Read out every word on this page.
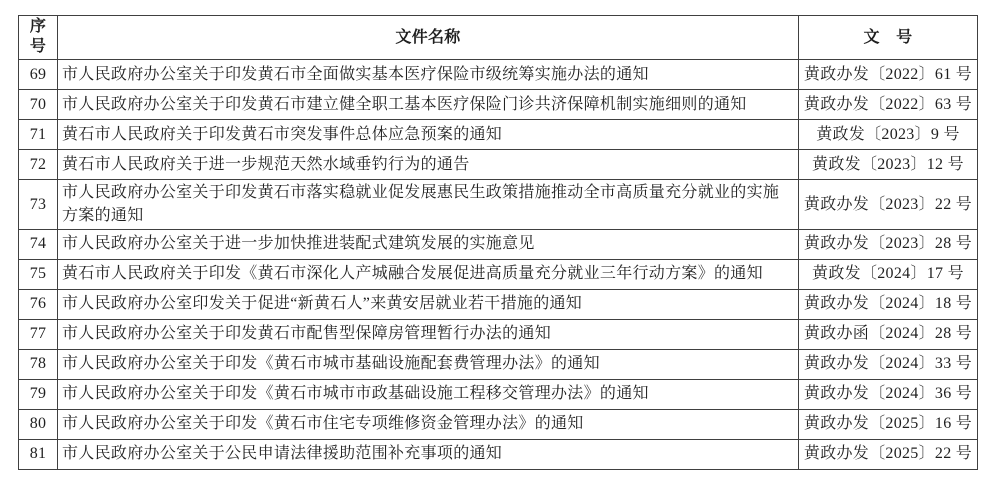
序号	文件名称	文　号
69	市人民政府办公室关于印发黄石市全面做实基本医疗保险市级统筹实施办法的通知	黄政办发〔2022〕61 号
70	市人民政府办公室关于印发黄石市建立健全职工基本医疗保险门诊共济保障机制实施细则的通知	黄政办发〔2022〕63 号
71	黄石市人民政府关于印发黄石市突发事件总体应急预案的通知	黄政发〔2023〕9 号
72	黄石市人民政府关于进一步规范天然水域垂钓行为的通告	黄政发〔2023〕12 号
73	市人民政府办公室关于印发黄石市落实稳就业促发展惠民生政策措施推动全市高质量充分就业的实施方案的通知	黄政办发〔2023〕22 号
74	市人民政府办公室关于进一步加快推进装配式建筑发展的实施意见	黄政办发〔2023〕28 号
75	黄石市人民政府关于印发《黄石市深化人产城融合发展促进高质量充分就业三年行动方案》的通知	黄政发〔2024〕17 号
76	市人民政府办公室印发关于促进“新黄石人”来黄安居就业若干措施的通知	黄政办发〔2024〕18 号
77	市人民政府办公室关于印发黄石市配售型保障房管理暂行办法的通知	黄政办函〔2024〕28 号
78	市人民政府办公室关于印发《黄石市城市基础设施配套费管理办法》的通知	黄政办发〔2024〕33 号
79	市人民政府办公室关于印发《黄石市城市市政基础设施工程移交管理办法》的通知	黄政办发〔2024〕36 号
80	市人民政府办公室关于印发《黄石市住宅专项维修资金管理办法》的通知	黄政办发〔2025〕16 号
81	市人民政府办公室关于公民申请法律援助范围补充事项的通知	黄政办发〔2025〕22 号
